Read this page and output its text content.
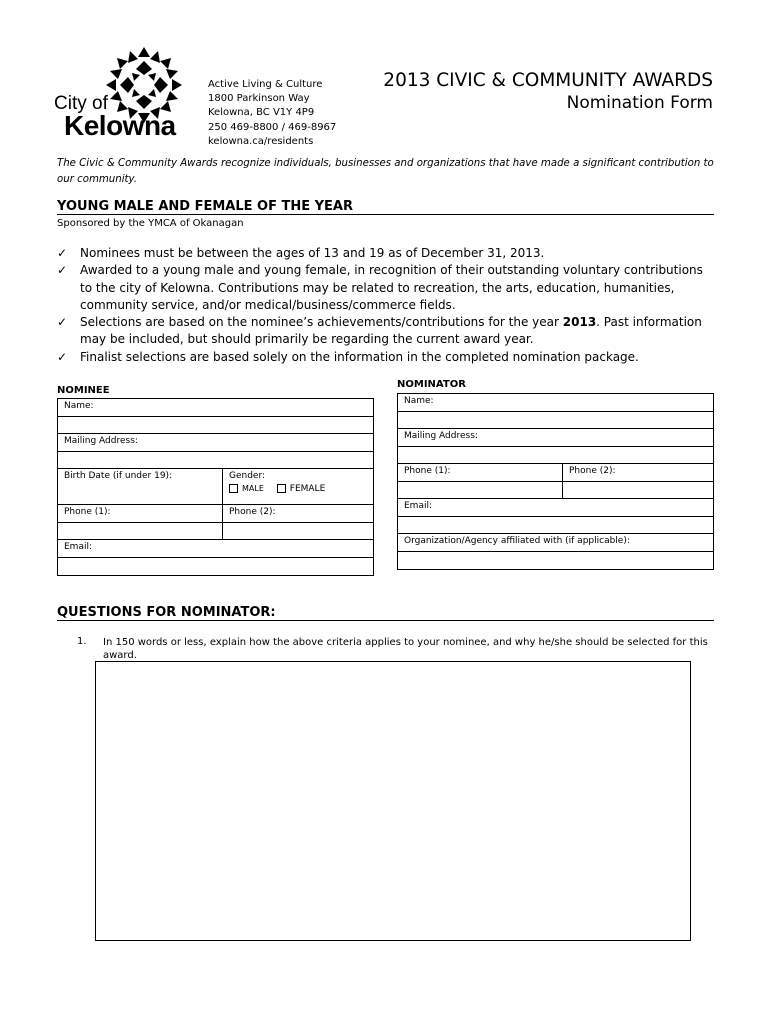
City of
Kelowna
Active Living & Culture
1800 Parkinson Way
Kelowna, BC V1Y 4P9
250 469-8800 / 469-8967
kelowna.ca/residents
2013 CIVIC & COMMUNITY AWARDS
Nomination Form
The Civic & Community Awards recognize individuals, businesses and organizations that have made a significant contribution to our community.
YOUNG MALE AND FEMALE OF THE YEAR
Sponsored by the YMCA of Okanagan
✓ Nominees must be between the ages of 13 and 19 as of December 31, 2013.
✓ Awarded to a young male and young female, in recognition of their outstanding voluntary contributions to the city of Kelowna. Contributions may be related to recreation, the arts, education, humanities, community service, and/or medical/business/commerce fields.
✓ Selections are based on the nominee’s achievements/contributions for the year 2013. Past information may be included, but should primarily be regarding the current award year.
✓ Finalist selections are based solely on the information in the completed nomination package.
NOMINEE
Name:	

Mailing Address:	

Birth Date (if under 19):	Gender:
MALE FEMALE

Phone (1):	Phone (2):

Email:	

NOMINATOR
Name:	

Mailing Address:	

Phone (1):	Phone (2):

Email:	

Organization/Agency affiliated with (if applicable):	

QUESTIONS FOR NOMINATOR:
1. In 150 words or less, explain how the above criteria applies to your nominee, and why he/she should be selected for this award.
